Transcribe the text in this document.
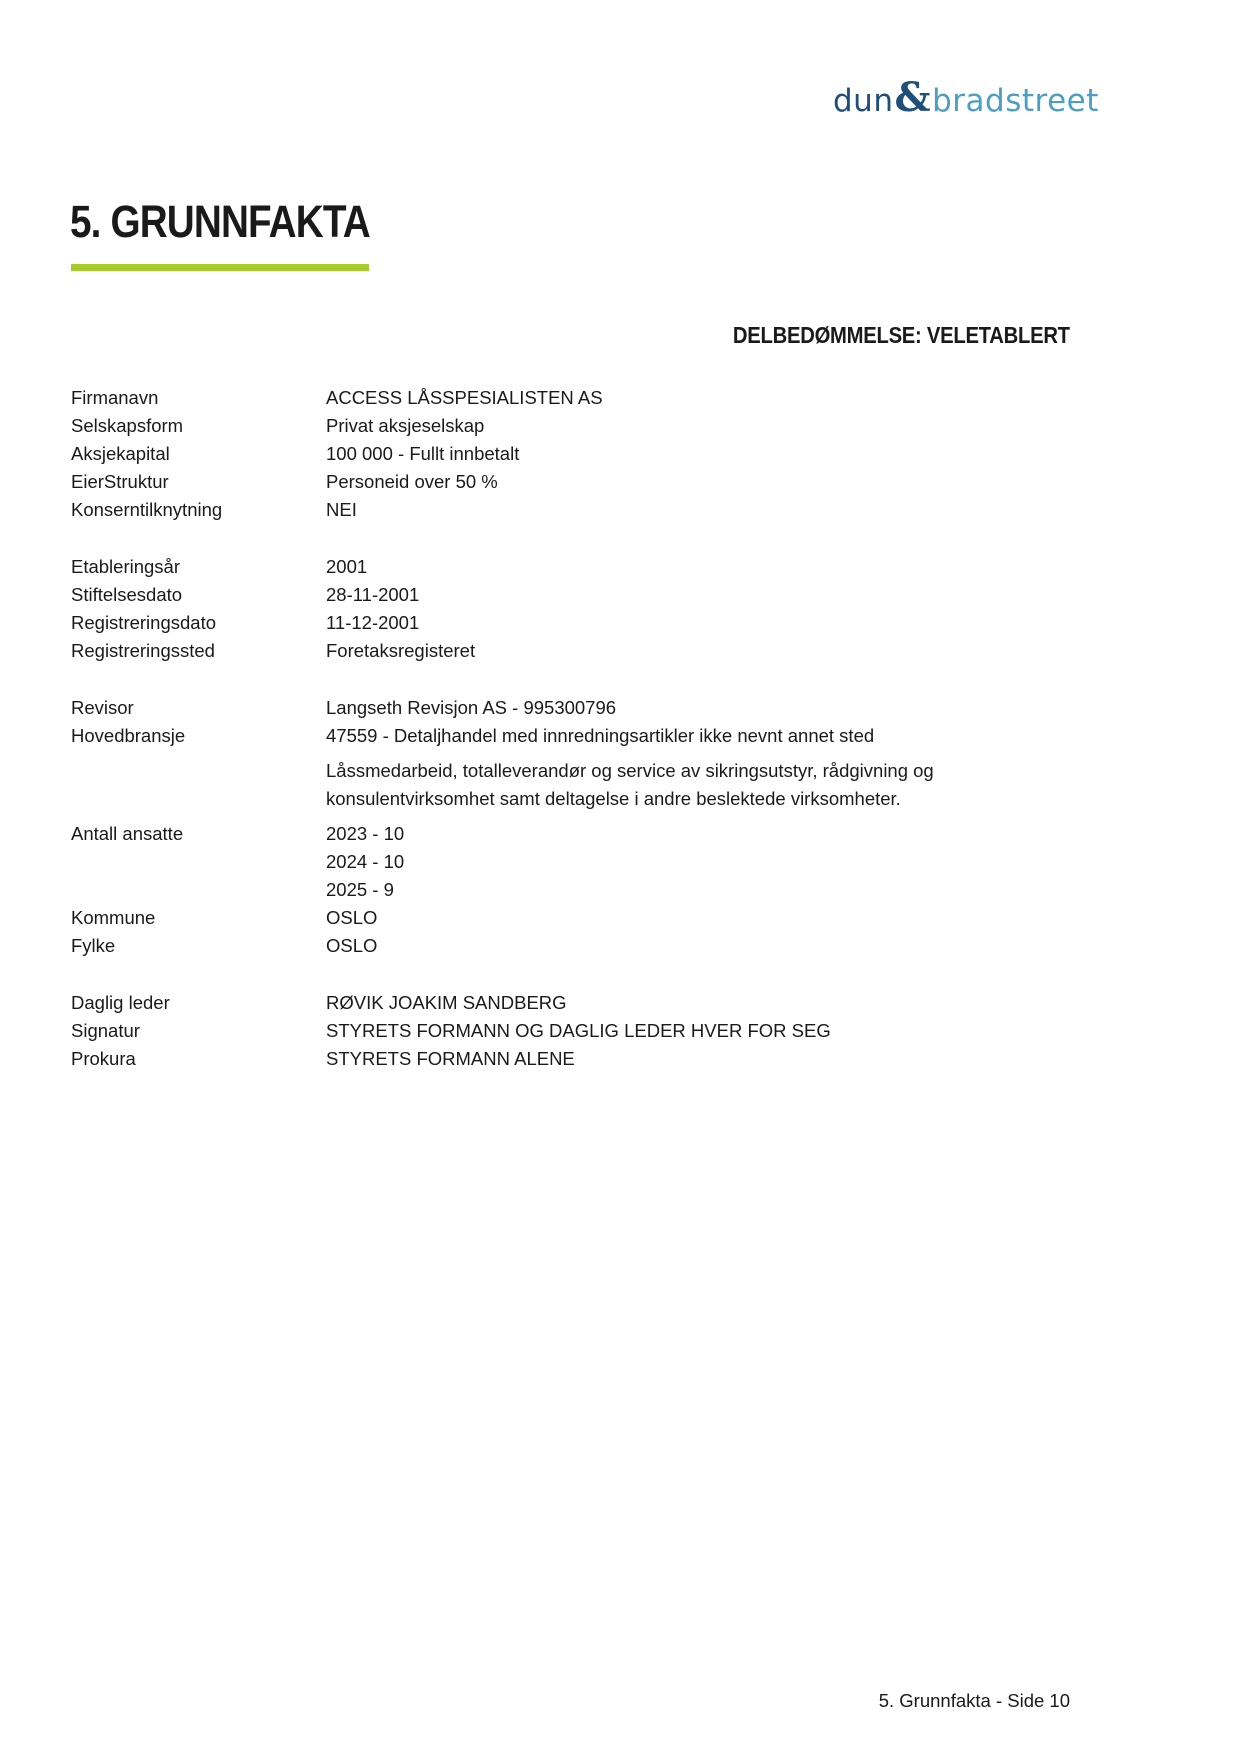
dun & bradstreet
5. GRUNNFAKTA
DELBEDØMMELSE: VELETABLERT
Firmanavn	ACCESS LÅSSPESIALISTEN AS
Selskapsform	Privat aksjeselskap
Aksjekapital	100 000 - Fullt innbetalt
EierStruktur	Personeid over 50 %
Konserntilknytning	NEI
Etableringsår	2001
Stiftelsesdato	28-11-2001
Registreringsdato	11-12-2001
Registreringssted	Foretaksregisteret
Revisor	Langseth Revisjon AS - 995300796
Hovedbransje	47559 - Detaljhandel med innredningsartikler ikke nevnt annet sted
Låssmedarbeid, totalleverandør og service av sikringsutstyr, rådgivning og konsulentvirksomhet samt deltagelse i andre beslektede virksomheter.
Antall ansatte	2023 - 10
2024 - 10
2025 - 9
Kommune	OSLO
Fylke	OSLO
Daglig leder	RØVIK JOAKIM SANDBERG
Signatur	STYRETS FORMANN OG DAGLIG LEDER HVER FOR SEG
Prokura	STYRETS FORMANN ALENE
5. Grunnfakta - Side 10
